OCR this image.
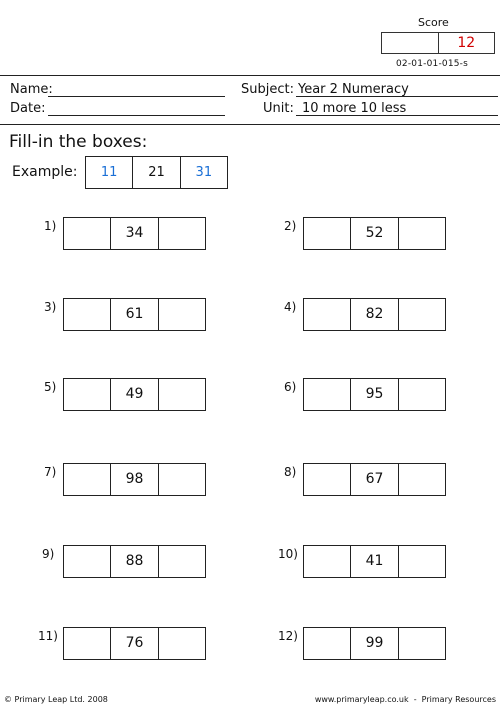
Score
12
02-01-01-015-s
Name:
Date:
Subject: Year 2 Numeracy
Unit: 10 more 10 less
Fill-in the boxes:
Example:	11	21	31
1)	34	2)	52
3)	61	4)	82
5)	49	6)	95
7)	98	8)	67
9)	88	10)	41
11)	76	12)	99
© Primary Leap Ltd. 2008	www.primaryleap.co.uk  -  Primary Resources
